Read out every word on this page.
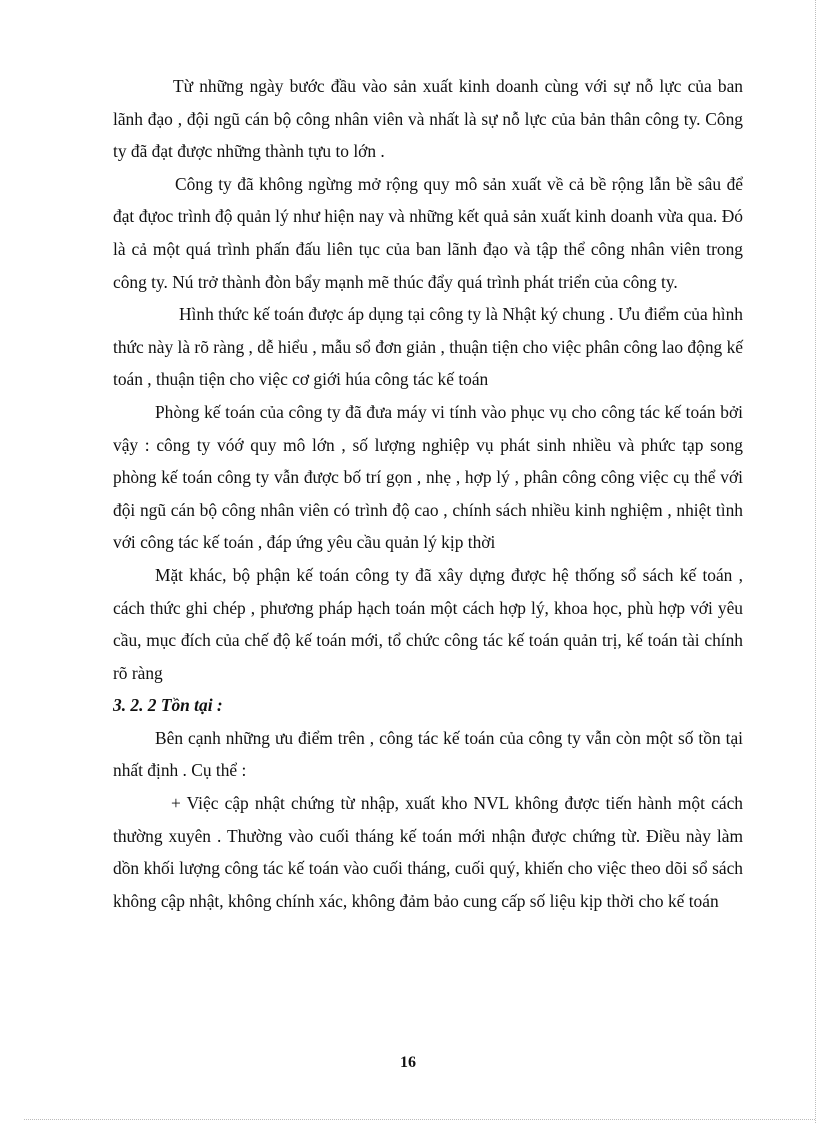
Từ những ngày bước đầu vào sản xuất kinh doanh cùng với sự nỗ lực của ban lãnh đạo , đội ngũ cán bộ công nhân viên và nhất là sự nỗ lực của bản thân công ty. Công ty đã đạt được những thành tựu to lớn .

Công ty đã không ngừng mở rộng quy mô sản xuất về cả bề rộng lẫn bề sâu để đạt đựoc trình độ quản lý như hiện nay và những kết quả sản xuất kinh doanh vừa qua. Đó là cả một quá trình phấn đấu liên tục của ban lãnh đạo và tập thể công nhân viên trong công ty. Nú trở thành đòn bẩy mạnh mẽ thúc đẩy quá trình phát triển của công ty.

Hình thức kế toán được áp dụng tại công ty là Nhật ký chung . Ưu điểm của hình thức này là rõ ràng , dễ hiểu , mẫu sổ đơn giản , thuận tiện cho việc phân công lao động kế toán , thuận tiện cho việc cơ giới húa công tác kế toán

Phòng kế toán của công ty đã đưa máy vi tính vào phục vụ cho công tác kế toán bởi vậy : công ty vóớ quy mô lớn , số lượng nghiệp vụ phát sinh nhiều và phức tạp song phòng kế toán công ty vẫn được bố trí gọn , nhẹ , hợp lý , phân công công việc cụ thể với đội ngũ cán bộ công nhân viên có trình độ cao , chính sách nhiều kinh nghiệm , nhiệt tình với công tác kế toán , đáp ứng yêu cầu quản lý kịp thời

Mặt khác, bộ phận kế toán công ty đã xây dựng được hệ thống sổ sách kế toán , cách thức ghi chép , phương pháp hạch toán một cách hợp lý, khoa học, phù hợp với yêu cầu, mục đích của chế độ kế toán mới, tổ chức công tác kế toán quản trị, kế toán tài chính rõ ràng

3. 2. 2 Tồn tại :

Bên cạnh những ưu điểm trên , công tác kế toán của công ty vẫn còn một số tồn tại nhất định . Cụ thể :

+ Việc cập nhật chứng từ nhập, xuất kho NVL không được tiến hành một cách thường xuyên . Thường vào cuối tháng kế toán mới nhận được chứng từ. Điều này làm dồn khối lượng công tác kế toán vào cuối tháng, cuối quý, khiến cho việc theo dõi sổ sách không cập nhật, không chính xác, không đảm bảo cung cấp số liệu kịp thời cho kế toán

16
